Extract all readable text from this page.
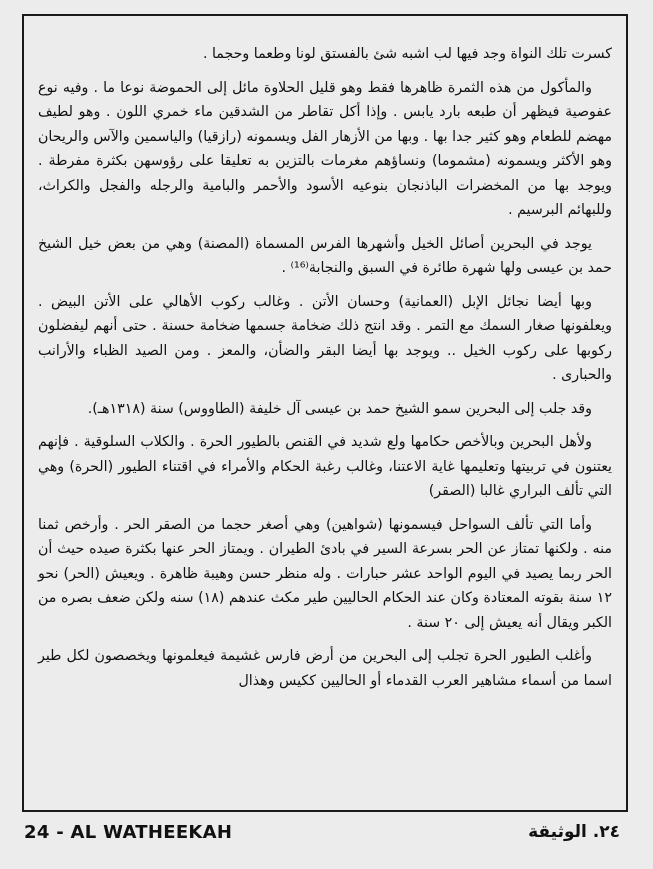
كسرت تلك النواة وجد فيها لب اشبه شئ بالفستق لونا وطعما وحجما .

والمأكول من هذه الثمرة ظاهرها فقط وهو قليل الحلاوة مائل إلى الحموضة نوعا ما . وفيه نوع عفوصية فيظهر أن طبعه بارد يابس . وإذا أكل تقاطر من الشدقين ماء خمري اللون . وهو لطيف مهضم للطعام وهو كثير جدا بها . وبها من الأزهار الفل ويسمونه (رازقيا) والياسمين والآس والريحان وهو الأكثر ويسمونه (مشموما) ونساؤهم مغرمات بالتزين به تعليقا على رؤوسهن بكثرة مفرطة . ويوجد بها من المخضرات الباذنجان بنوعيه الأسود والأحمر والبامية والرجله والفجل والكراث، وللبهائم البرسيم .

يوجد في البحرين أصائل الخيل وأشهرها الفرس المسماة (المصنة) وهي من بعض خيل الشيخ حمد بن عيسى ولها شهرة طائرة في السبق والنجابة⁽¹⁶⁾ .

وبها أيضا نجائل الإبل (العمانية) وحسان الأتن . وغالب ركوب الأهالي على الأتن البيض . ويعلفونها صغار السمك مع التمر . وقد انتج ذلك ضخامة جسمها ضخامة حسنة . حتى أنهم ليفضلون ركوبها على ركوب الخيل .. ويوجد بها أيضا البقر والضأن، والمعز . ومن الصيد الظباء والأرانب والحبارى .

وقد جلب إلى البحرين سمو الشيخ حمد بن عيسى آل خليفة (الطاووس) سنة (١٣١٨هـ).

ولأهل البحرين وبالأخص حكامها ولع شديد في القنص بالطيور الحرة . والكلاب السلوقية . فإنهم يعتنون في تربيتها وتعليمها غاية الاعتنا، وغالب رغبة الحكام والأمراء في اقتناء الطيور (الحرة) وهي التي تألف البراري غالبا (الصقر)

وأما التي تألف السواحل فيسمونها (شواهين) وهي أصغر حجما من الصقر الحر . وأرخص ثمنا منه . ولكنها تمتاز عن الحر بسرعة السير في بادئ الطيران . ويمتاز الحر عنها بكثرة صيده حيث أن الحر ربما يصيد في اليوم الواحد عشر حبارات . وله منظر حسن وهيبة ظاهرة . ويعيش (الحر) نحو ١٢ سنة بقوته المعتادة وكان عند الحكام الحاليين طير مكث عندهم (١٨) سنه ولكن ضعف بصره من الكبر ويقال أنه يعيش إلى ٢٠ سنة .

وأغلب الطيور الحرة تجلب إلى البحرين من أرض فارس غشيمة فيعلمونها ويخصصون لكل طير اسما من أسماء مشاهير العرب القدماء أو الحاليين ككيس وهذال

24 - AL WATHEEKAH	٢٤. الوثيقة
